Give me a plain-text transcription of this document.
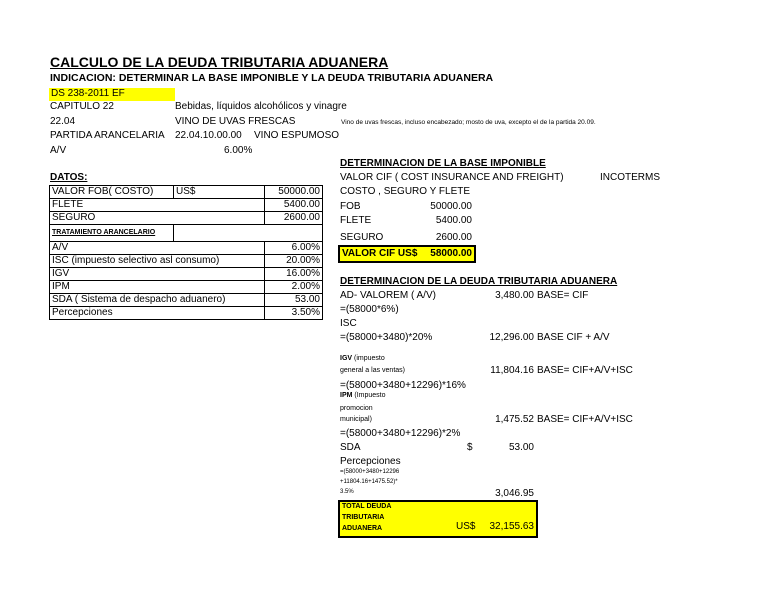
CALCULO DE LA DEUDA TRIBUTARIA ADUANERA
INDICACION: DETERMINAR LA BASE IMPONIBLE Y LA DEUDA TRIBUTARIA ADUANERA
DS 238-2011 EF
CAPITULO 22	Bebidas, líquidos alcohólicos y vinagre
22.04	VINO DE UVAS FRESCAS	Vino de uvas frescas, incluso encabezado; mosto de uva, excepto el de la partida 20.09.
PARTIDA ARANCELARIA 22.04.10.00.00 VINO ESPUMOSO
A/V	6.00%
DATOS:
VALOR FOB( COSTO)	US$	50000.00
FLETE		5400.00
SEGURO		2600.00
TRATAMIENTO ARANCELARIO		
A/V		6.00%
ISC (impuesto selectivo asl consumo)		20.00%
IGV		16.00%
IPM		2.00%
SDA ( Sistema de despacho aduanero)		53.00
Percepciones		3.50%
DETERMINACION DE LA BASE IMPONIBLE
VALOR CIF ( COST INSURANCE AND FREIGHT)	INCOTERMS
COSTO , SEGURO Y FLETE
FOB	50000.00
FLETE	5400.00
SEGURO	2600.00
VALOR CIF US$	58000.00
DETERMINACION DE LA DEUDA TRIBUTARIA ADUANERA
AD- VALOREM ( A/V)	3,480.00 BASE= CIF
=(58000*6%)
ISC
=(58000+3480)*20%	12,296.00 BASE CIF + A/V
IGV (impuesto
general a las ventas)	11,804.16 BASE= CIF+A/V+ISC
=(58000+3480+12296)*16%
IPM (Impuesto
promocion
municipal)	1,475.52 BASE= CIF+A/V+ISC
=(58000+3480+12296)*2%
SDA	$	53.00
Percepciones
=(58000+3480+12296
+11804.16+1475.52)*
3.5%	3,046.95
TOTAL DEUDA
TRIBUTARIA
ADUANERA	US$	32,155.63
